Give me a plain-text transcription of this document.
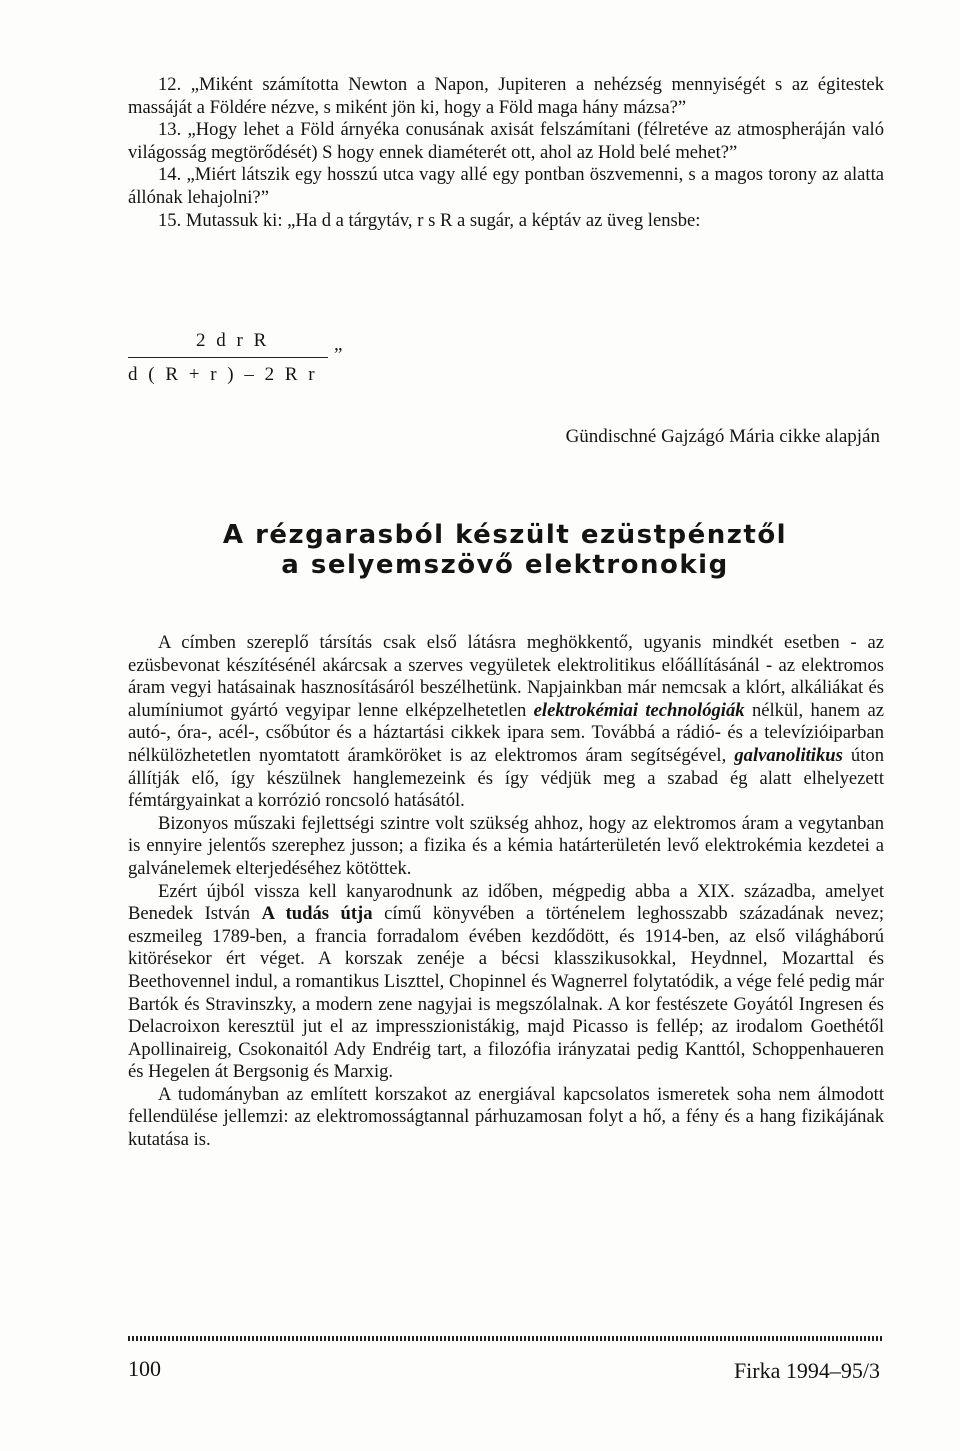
12. „Miként számította Newton a Napon, Jupiteren a nehézség mennyiségét s az égitestek massáját a Földére nézve, s miként jön ki, hogy a Föld maga hány mázsa?”

13. „Hogy lehet a Föld árnyéka conusának axisát felszámítani (félretéve az atmospheráján való világosság megtörődését) S hogy ennek diaméterét ott, ahol az Hold belé mehet?”

14. „Miért látszik egy hosszú utca vagy allé egy pontban öszvemenni, s a magos torony az alatta állónak lehajolni?”

15. Mutassuk ki: „Ha d a tárgytáv, r s R a sugár, a képtáv az üveg lensbe:

2 d r R	„
d ( R + r ) – 2 R r
Gündischné Gajzágó Mária cikke alapján
A rézgarasból készült ezüstpénztől
a selyemszövő elektronokig

A címben szereplő társítás csak első látásra meghökkentő, ugyanis mindkét esetben - az ezüsbevonat készítésénél akárcsak a szerves vegyületek elektrolitikus előállításánál - az elektromos áram vegyi hatásainak hasznosításáról beszélhetünk. Napjainkban már nemcsak a klórt, alkáliákat és alumíniumot gyártó vegyipar lenne elképzelhetetlen elektrokémiai technológiák nélkül, hanem az autó-, óra-, acél-, csőbútor és a háztartási cikkek ipara sem. Továbbá a rádió- és a televízióiparban nélkülözhetetlen nyomtatott áramköröket is az elektromos áram segítségével, galvanolitikus úton állítják elő, így készülnek hanglemezeink és így védjük meg a szabad ég alatt elhelyezett fémtárgyainkat a korrózió roncsoló hatásától.

Bizonyos műszaki fejlettségi szintre volt szükség ahhoz, hogy az elektromos áram a vegytanban is ennyire jelentős szerephez jusson; a fizika és a kémia határterületén levő elektrokémia kezdetei a galvánelemek elterjedéséhez kötöttek.

Ezért újból vissza kell kanyarodnunk az időben, mégpedig abba a XIX. századba, amelyet Benedek István A tudás útja című könyvében a történelem leghosszabb századának nevez; eszmeileg 1789-ben, a francia forradalom évében kezdődött, és 1914-ben, az első világháború kitörésekor ért véget. A korszak zenéje a bécsi klasszikusokkal, Heydnnel, Mozarttal és Beethovennel indul, a romantikus Liszttel, Chopinnel és Wagnerrel folytatódik, a vége felé pedig már Bartók és Stravinszky, a modern zene nagyjai is megszólalnak. A kor festészete Goyától Ingresen és Delacroixon keresztül jut el az impresszionistákig, majd Picasso is fellép; az irodalom Goethétől Apollinaireig, Csokonaitól Ady Endréig tart, a filozófia irányzatai pedig Kanttól, Schoppenhaueren és Hegelen át Bergsonig és Marxig.

A tudományban az említett korszakot az energiával kapcsolatos ismeretek soha nem álmodott fellendülése jellemzi: az elektromosságtannal párhuzamosan folyt a hő, a fény és a hang fizikájának kutatása is.

100	Firka 1994–95/3
